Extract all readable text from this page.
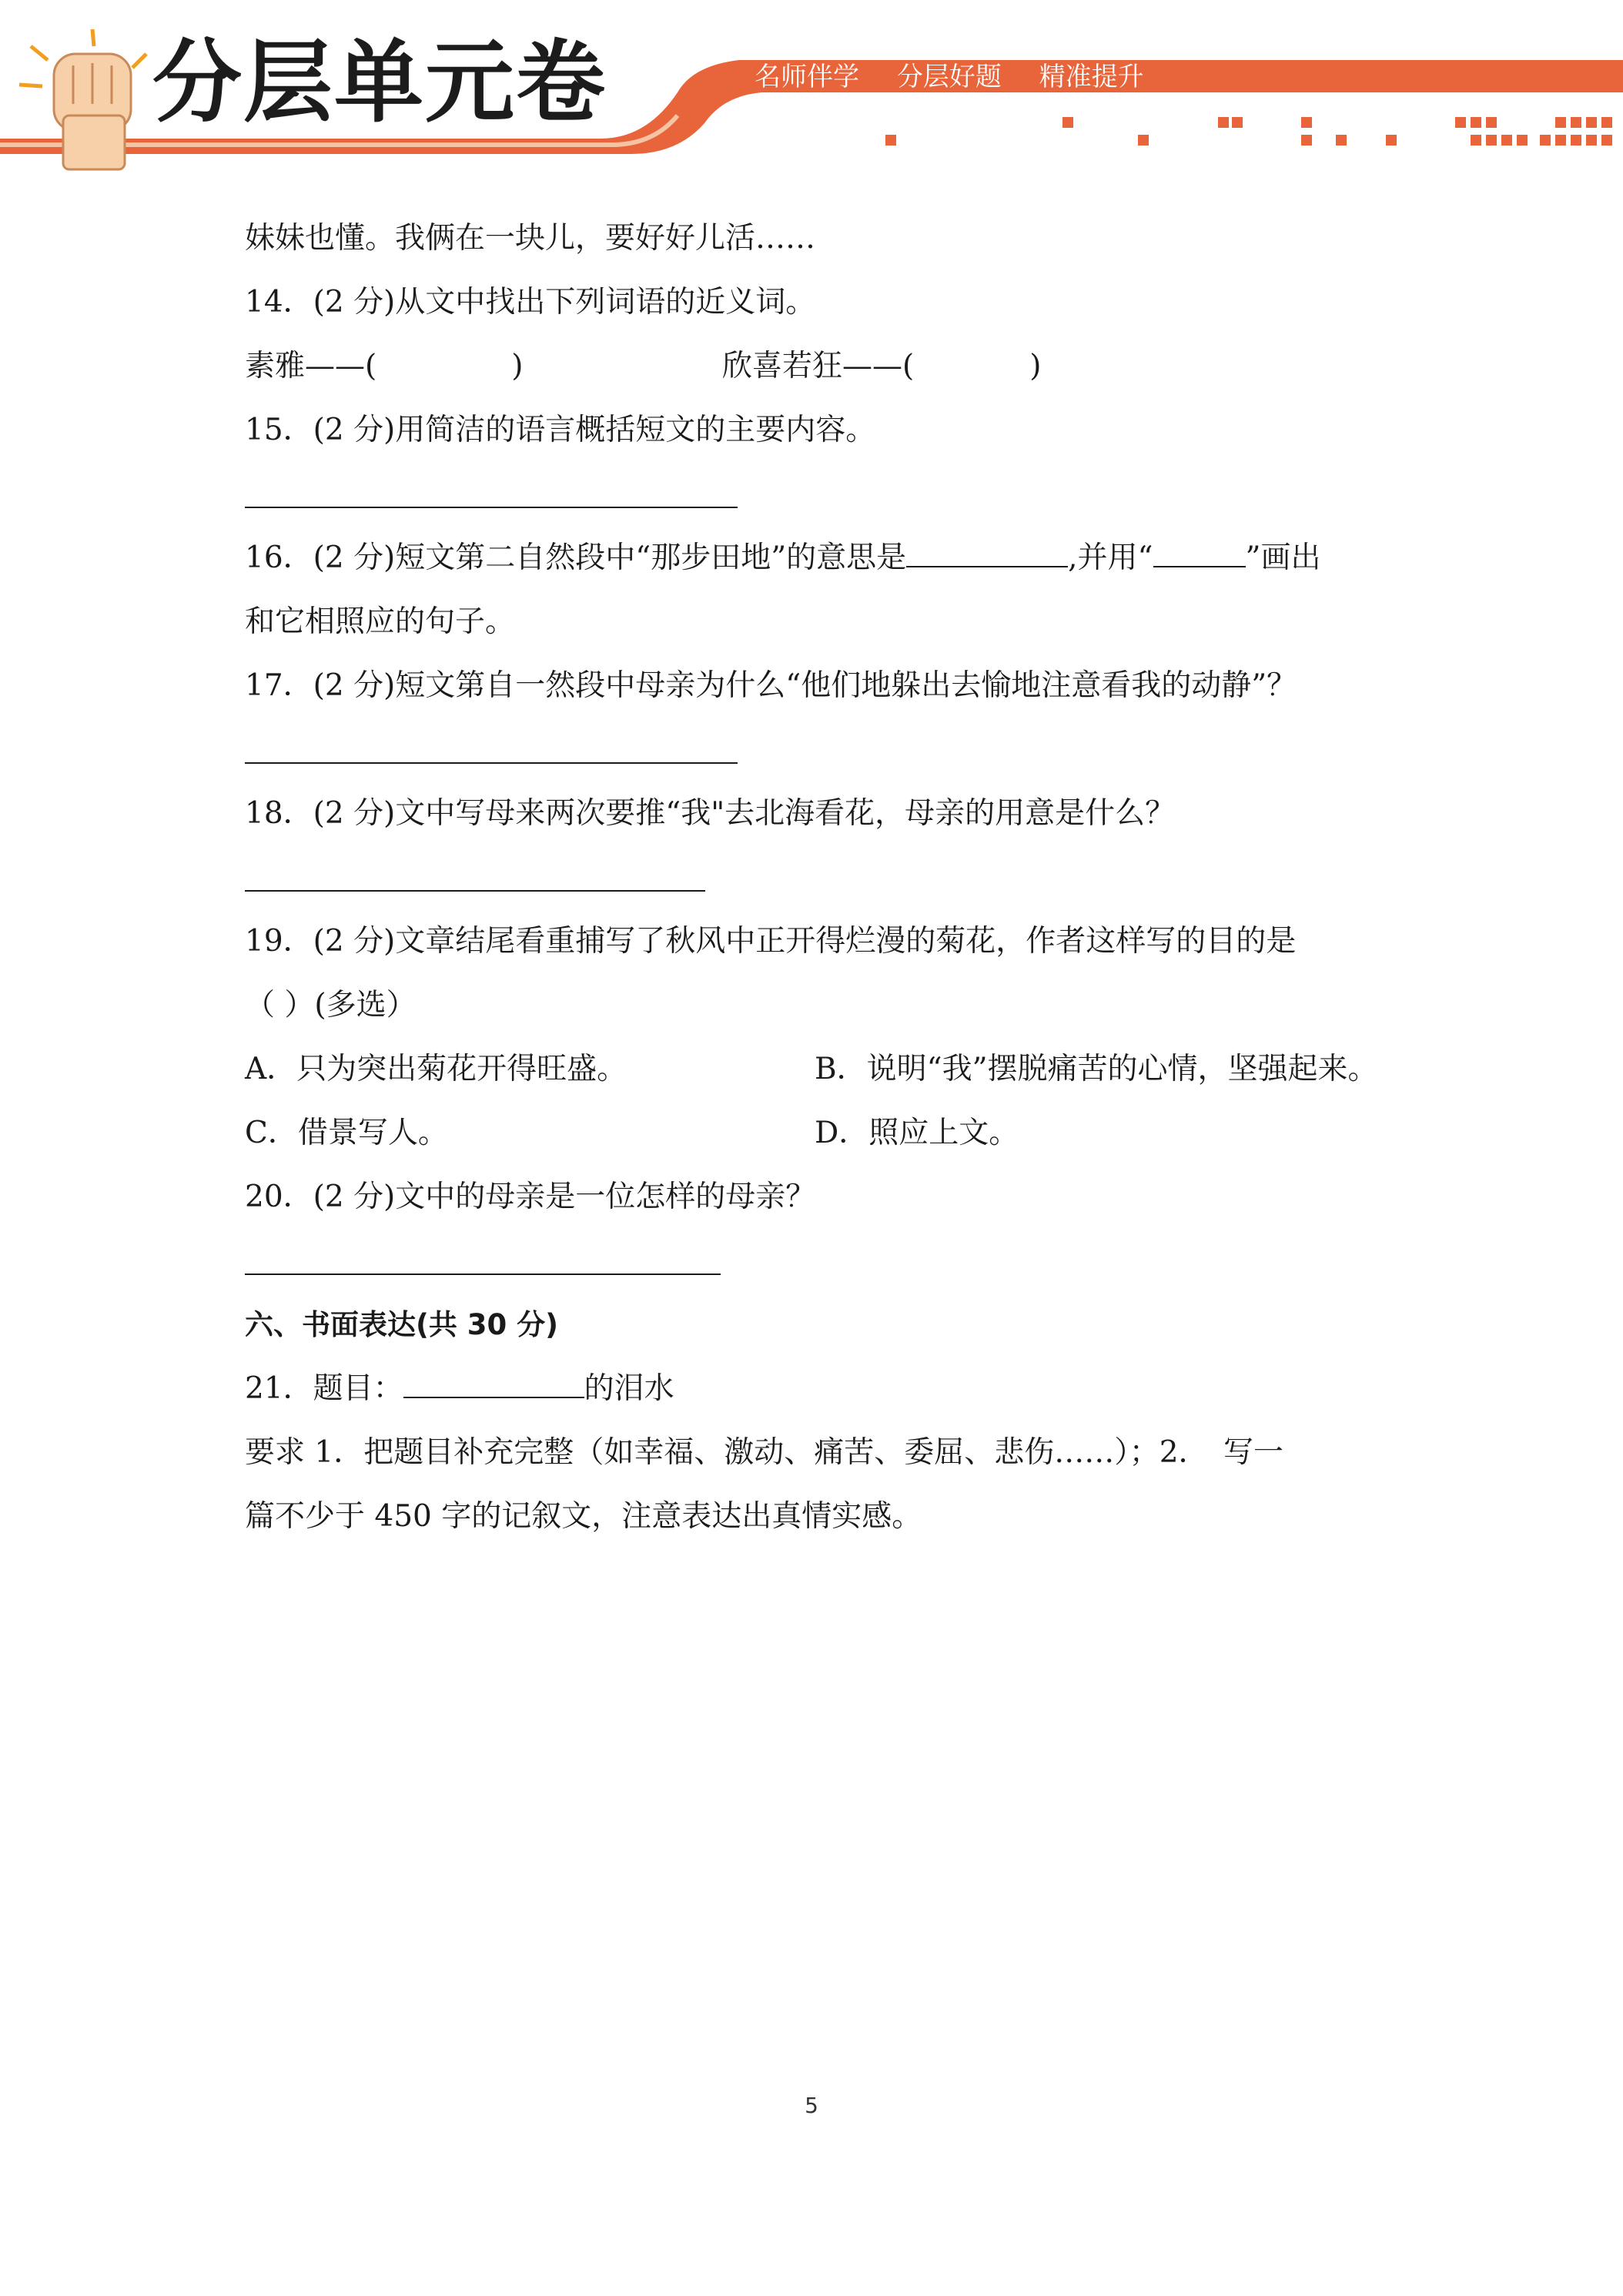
分层单元卷	名师伴学 分层好题 精准提升
妹妹也懂。我俩在一块儿，要好好儿活……
14．(2 分)从文中找出下列词语的近义词。
素雅——(	)	欣喜若狂——(	)
15．(2 分)用简洁的语言概括短文的主要内容。
16．(2 分)短文第二自然段中“那步田地”的意思是	,并用“	”画出
和它相照应的句子。
17．(2 分)短文第自一然段中母亲为什么“他们地躲出去愉地注意看我的动静”？
18．(2 分)文中写母来两次要推“我"去北海看花，母亲的用意是什么？
19．(2 分)文章结尾看重捕写了秋风中正开得烂漫的菊花，作者这样写的目的是
（ ）(多选）
A．只为突出菊花开得旺盛。	B．说明“我”摆脱痛苦的心情，坚强起来。
C．借景写人。	D．照应上文。
20．(2 分)文中的母亲是一位怎样的母亲？
六、书面表达(共 30 分)
21．题目：	的泪水
要求 1．把题目补充完整（如幸福、激动、痛苦、委屈、悲伤……）；2．　写一
篇不少于 450 字的记叙文，注意表达出真情实感。
5
